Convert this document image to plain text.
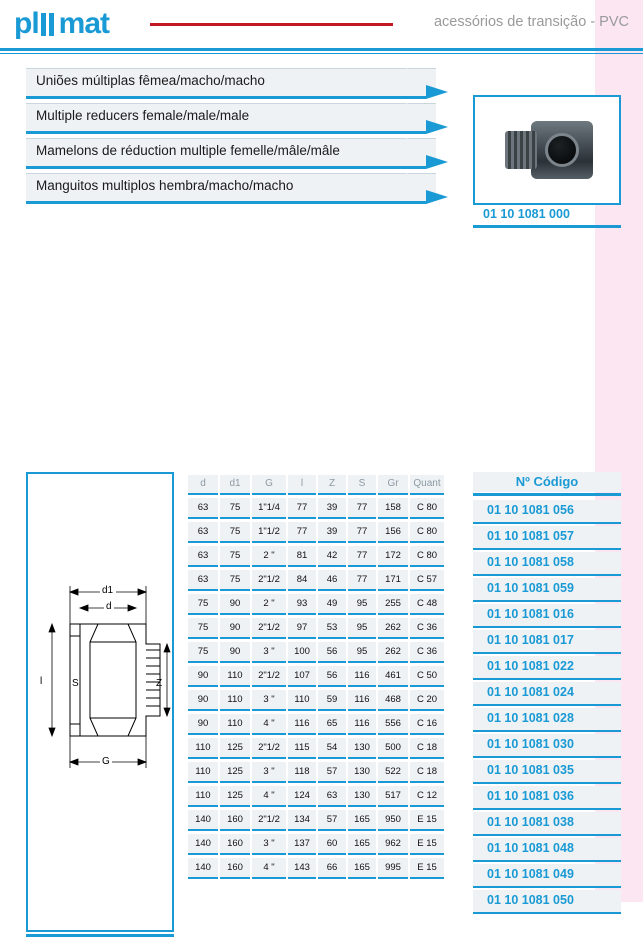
pl mat	acessórios de transição - PVC
Uniões múltiplas fêmea/macho/macho
Multiple reducers female/male/male
Mamelons de réduction multiple femelle/mâle/mâle
Manguitos multiplos hembra/macho/macho
01 10 1081 000
d1
d
l	Z
S
G
d	d1	G	l	Z	S	Gr	Quant
63	75	1"1/4	77	39	77	158	C 80
63	75	1"1/2	77	39	77	156	C 80
63	75	2 "	81	42	77	172	C 80
63	75	2"1/2	84	46	77	171	C 57
75	90	2 "	93	49	95	255	C 48
75	90	2"1/2	97	53	95	262	C 36
75	90	3 "	100	56	95	262	C 36
90	110	2"1/2	107	56	116	461	C 50
90	110	3 "	110	59	116	468	C 20
90	110	4 "	116	65	116	556	C 16
110	125	2"1/2	115	54	130	500	C 18
110	125	3 "	118	57	130	522	C 18
110	125	4 "	124	63	130	517	C 12
140	160	2"1/2	134	57	165	950	E 15
140	160	3 "	137	60	165	962	E 15
140	160	4 "	143	66	165	995	E 15
Nº Código
01 10 1081 056
01 10 1081 057
01 10 1081 058
01 10 1081 059
01 10 1081 016
01 10 1081 017
01 10 1081 022
01 10 1081 024
01 10 1081 028
01 10 1081 030
01 10 1081 035
01 10 1081 036
01 10 1081 038
01 10 1081 048
01 10 1081 049
01 10 1081 050
